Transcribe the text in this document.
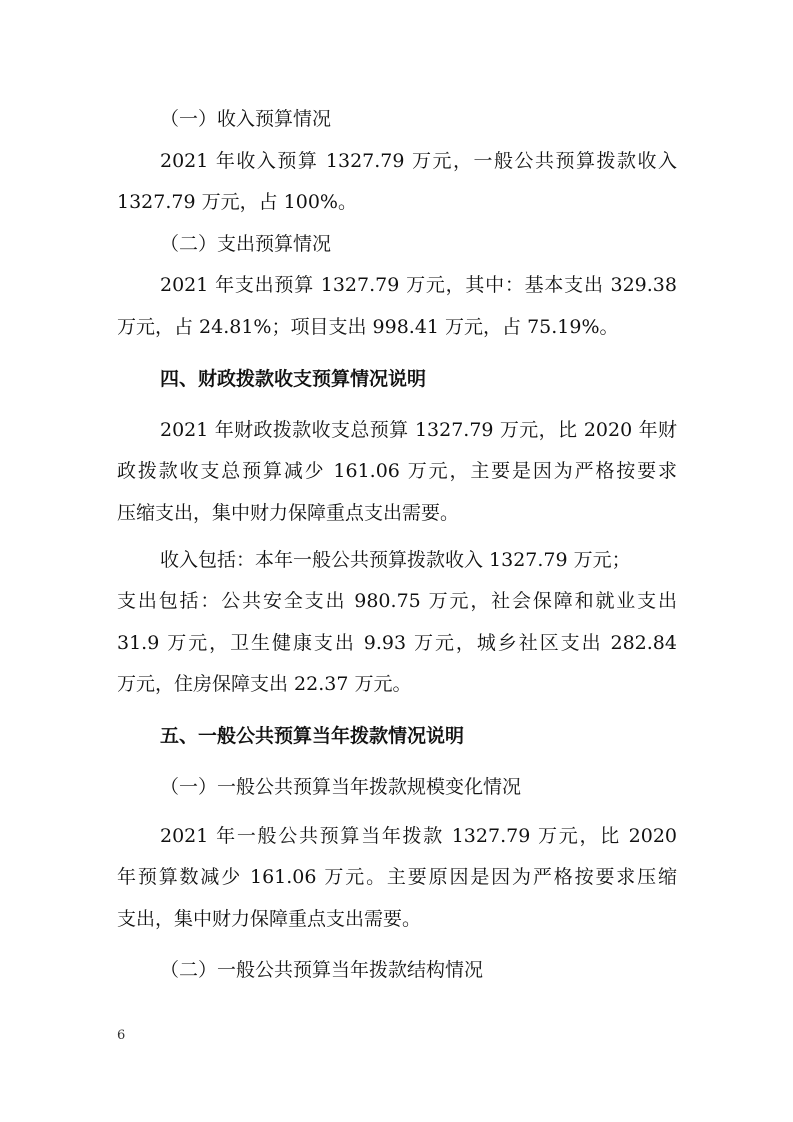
（一）收入预算情况
2021 年收入预算 1327.79 万元，一般公共预算拨款收入
1327.79 万元，占 100%。
（二）支出预算情况
2021 年支出预算 1327.79 万元，其中：基本支出 329.38
万元，占 24.81%；项目支出 998.41 万元，占 75.19%。
四、财政拨款收支预算情况说明
2021 年财政拨款收支总预算 1327.79 万元，比 2020 年财
政拨款收支总预算减少 161.06 万元，主要是因为严格按要求
压缩支出，集中财力保障重点支出需要。
收入包括：本年一般公共预算拨款收入 1327.79 万元；
支出包括：公共安全支出 980.75 万元，社会保障和就业支出
31.9 万元，卫生健康支出 9.93 万元，城乡社区支出 282.84
万元，住房保障支出 22.37 万元。
五、一般公共预算当年拨款情况说明
（一）一般公共预算当年拨款规模变化情况
2021 年一般公共预算当年拨款 1327.79 万元，比 2020
年预算数减少 161.06 万元。主要原因是因为严格按要求压缩
支出，集中财力保障重点支出需要。
（二）一般公共预算当年拨款结构情况
6
